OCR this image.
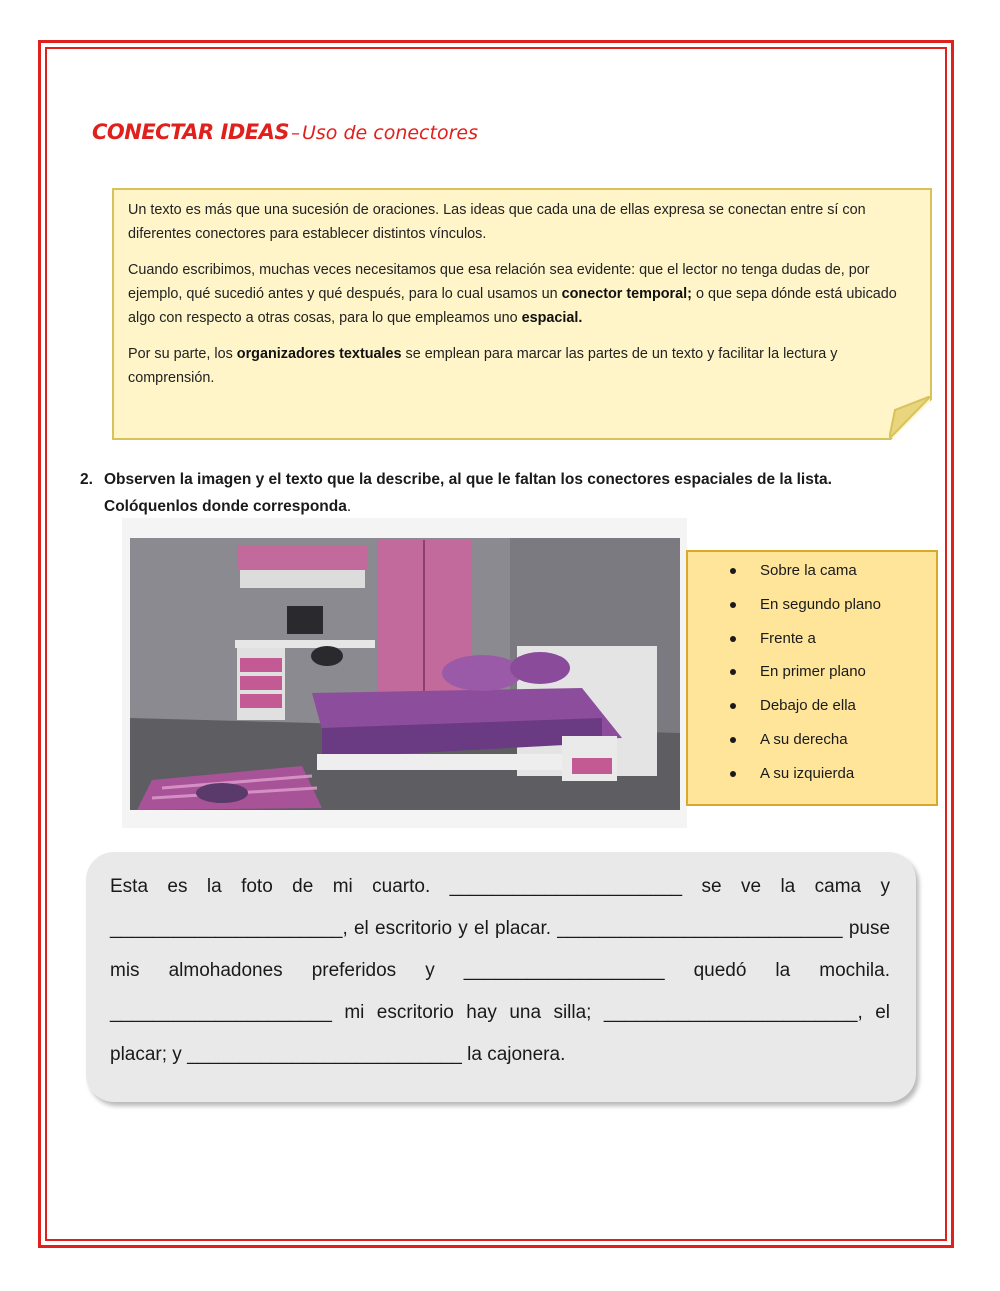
CONECTAR IDEAS – Uso de conectores

Un texto es más que una sucesión de oraciones. Las ideas que cada una de ellas expresa se conectan entre sí con diferentes conectores para establecer distintos vínculos.

Cuando escribimos, muchas veces necesitamos que esa relación sea evidente: que el lector no tenga dudas de, por ejemplo, qué sucedió antes y qué después, para lo cual usamos un conector temporal; o que sepa dónde está ubicado algo con respecto a otras cosas, para lo que empleamos uno espacial.

Por su parte, los organizadores textuales se emplean para marcar las partes de un texto y facilitar la lectura y comprensión.

2. Observen la imagen y el texto que la describe, al que le faltan los conectores espaciales de la lista. Colóquenlos donde corresponda.
Sobre la cama
En segundo plano
Frente a
En primer plano
Debajo de ella
A su derecha
A su izquierda
Esta es la foto de mi cuarto. ______________________ se ve la cama y ______________________, el escritorio y el placar. ___________________________ puse mis almohadones preferidos y ___________________ quedó la mochila. _____________________ mi escritorio hay una silla; ________________________, el placar; y __________________________ la cajonera.
